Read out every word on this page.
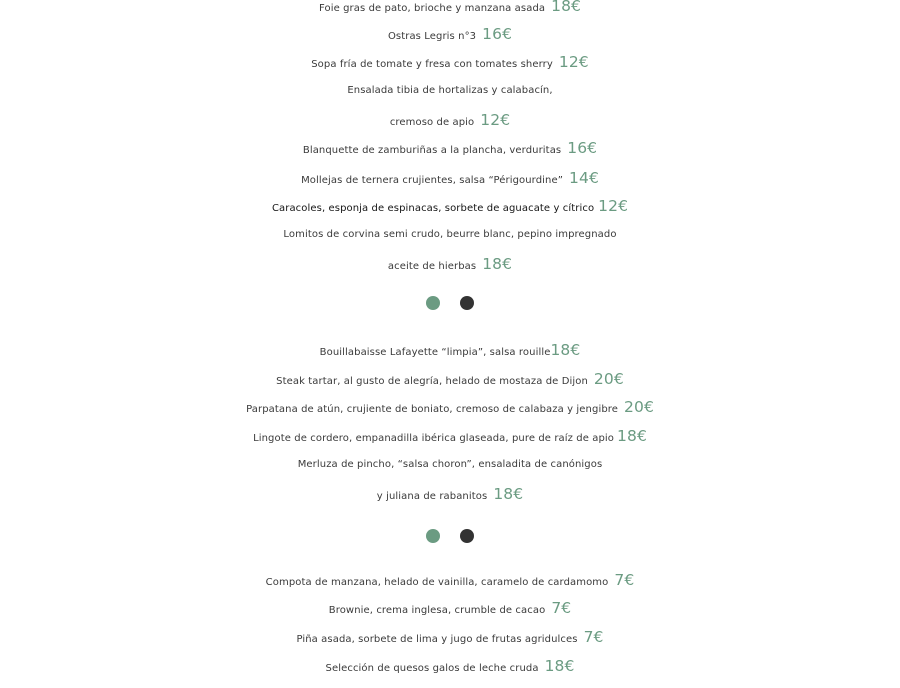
Foie gras de pato, brioche y manzana asada 18€
Ostras Legris n°3 16€
Sopa fría de tomate y fresa con tomates sherry 12€
Ensalada tibia de hortalizas y calabacín,
cremoso de apio 12€
Blanquette de zamburiñas a la plancha, verduritas 16€
Mollejas de ternera crujientes, salsa “Périgourdine” 14€
Caracoles, esponja de espinacas, sorbete de aguacate y cítrico 12€
Lomitos de corvina semi crudo, beurre blanc, pepino impregnado
aceite de hierbas 18€
Bouillabaisse Lafayette “limpia”, salsa rouille18€
Steak tartar, al gusto de alegría, helado de mostaza de Dijon 20€
Parpatana de atún, crujiente de boniato, cremoso de calabaza y jengibre 20€
Lingote de cordero, empanadilla ibérica glaseada, pure de raíz de apio 18€
Merluza de pincho, “salsa choron”, ensaladita de canónigos
y juliana de rabanitos 18€
Compota de manzana, helado de vainilla, caramelo de cardamomo 7€
Brownie, crema inglesa, crumble de cacao 7€
Piña asada, sorbete de lima y jugo de frutas agridulces 7€
Selección de quesos galos de leche cruda 18€
